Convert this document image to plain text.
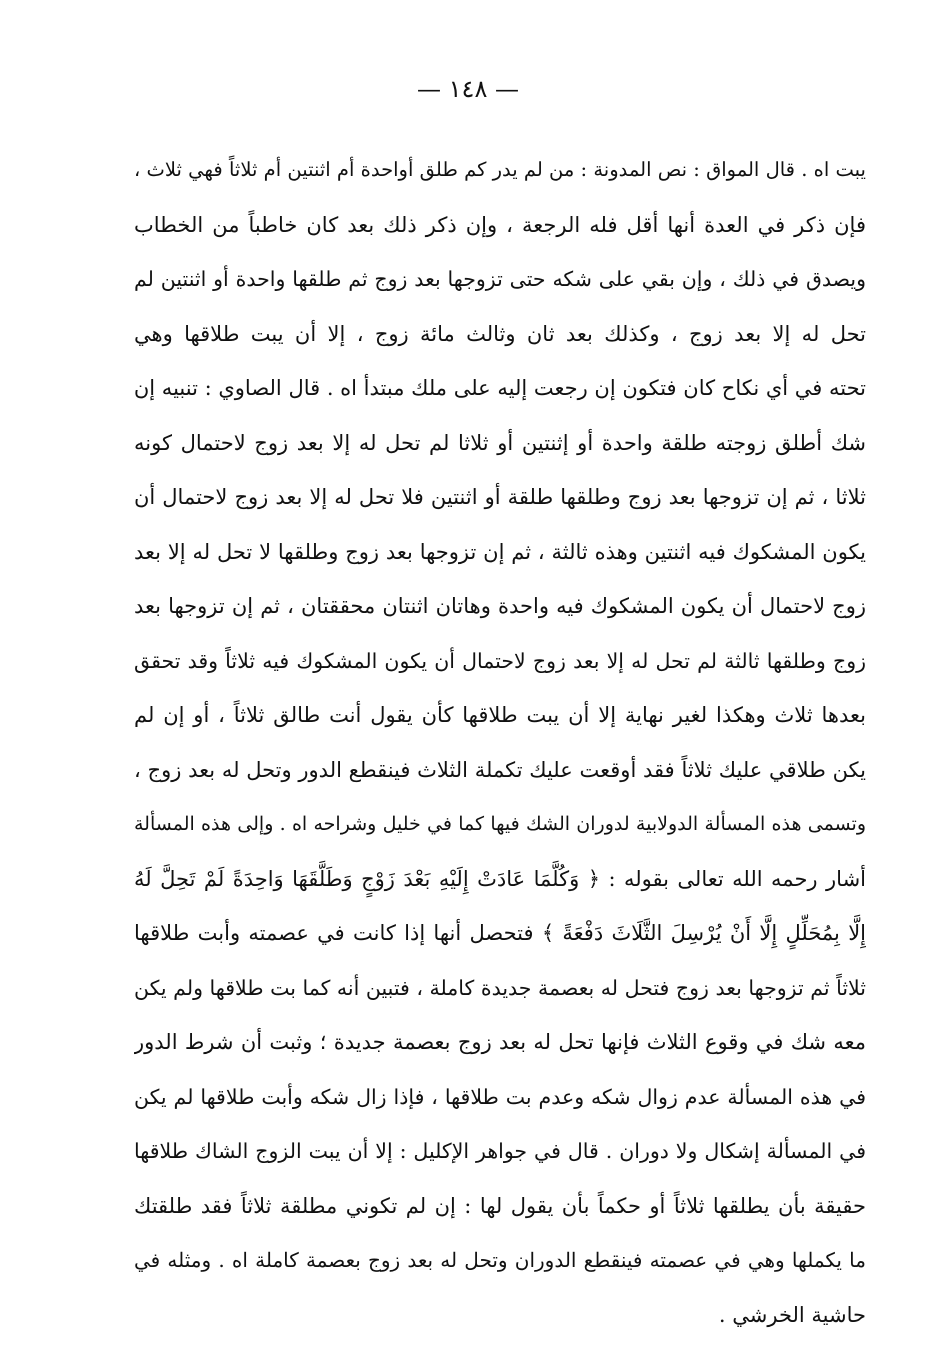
— ١٤٨ —
يبت اه . قال المواق : نص المدونة : من لم يدر كم طلق أواحدة أم اثنتين أم ثلاثاً فهي ثلاث ،
فإن ذكر في العدة أنها أقل فله الرجعة ، وإن ذكر ذلك بعد كان خاطباً من الخطاب
ويصدق في ذلك ، وإن بقي على شكه حتى تزوجها بعد زوج ثم طلقها واحدة أو اثنتين لم
تحل له إلا بعد زوج ، وكذلك بعد ثان وثالث مائة زوج ، إلا أن يبت طلاقها وهي
تحته في أي نكاح كان فتكون إن رجعت إليه على ملك مبتدأ اه . قال الصاوي : تنبيه إن
شك أطلق زوجته طلقة واحدة أو إثنتين أو ثلاثا لم تحل له إلا بعد زوج لاحتمال كونه
ثلاثا ، ثم إن تزوجها بعد زوج وطلقها طلقة أو اثنتين فلا تحل له إلا بعد زوج لاحتمال أن
يكون المشكوك فيه اثنتين وهذه ثالثة ، ثم إن تزوجها بعد زوج وطلقها لا تحل له إلا بعد
زوج لاحتمال أن يكون المشكوك فيه واحدة وهاتان اثنتان محققتان ، ثم إن تزوجها بعد
زوج وطلقها ثالثة لم تحل له إلا بعد زوج لاحتمال أن يكون المشكوك فيه ثلاثاً وقد تحقق
بعدها ثلاث وهكذا لغير نهاية إلا أن يبت طلاقها كأن يقول أنت طالق ثلاثاً ، أو إن لم
يكن طلاقي عليك ثلاثاً فقد أوقعت عليك تكملة الثلاث فينقطع الدور وتحل له بعد زوج ،
وتسمى هذه المسألة الدولابية لدوران الشك فيها كما في خليل وشراحه اه . وإلى هذه المسألة
أشار رحمه الله تعالى بقوله : ﴿ وَكُلَّمَا عَادَتْ إِلَيْهِ بَعْدَ زَوْجٍ وَطَلَّقَهَا وَاحِدَةً لَمْ تَحِلَّ لَهُ
إِلَّا بِمُحَلِّلٍ إِلَّا أَنْ يُرْسِلَ الثَّلَاثَ دَفْعَةً ﴾ فتحصل أنها إذا كانت في عصمته وأبت طلاقها
ثلاثاً ثم تزوجها بعد زوج فتحل له بعصمة جديدة كاملة ، فتبين أنه كما بت طلاقها ولم يكن
معه شك في وقوع الثلاث فإنها تحل له بعد زوج بعصمة جديدة ؛ وثبت أن شرط الدور
في هذه المسألة عدم زوال شكه وعدم بت طلاقها ، فإذا زال شكه وأبت طلاقها لم يكن
في المسألة إشكال ولا دوران . قال في جواهر الإكليل : إلا أن يبت الزوج الشاك طلاقها
حقيقة بأن يطلقها ثلاثاً أو حكماً بأن يقول لها : إن لم تكوني مطلقة ثلاثاً فقد طلقتك
ما يكملها وهي في عصمته فينقطع الدوران وتحل له بعد زوج بعصمة كاملة اه . ومثله في
حاشية الخرشي .
